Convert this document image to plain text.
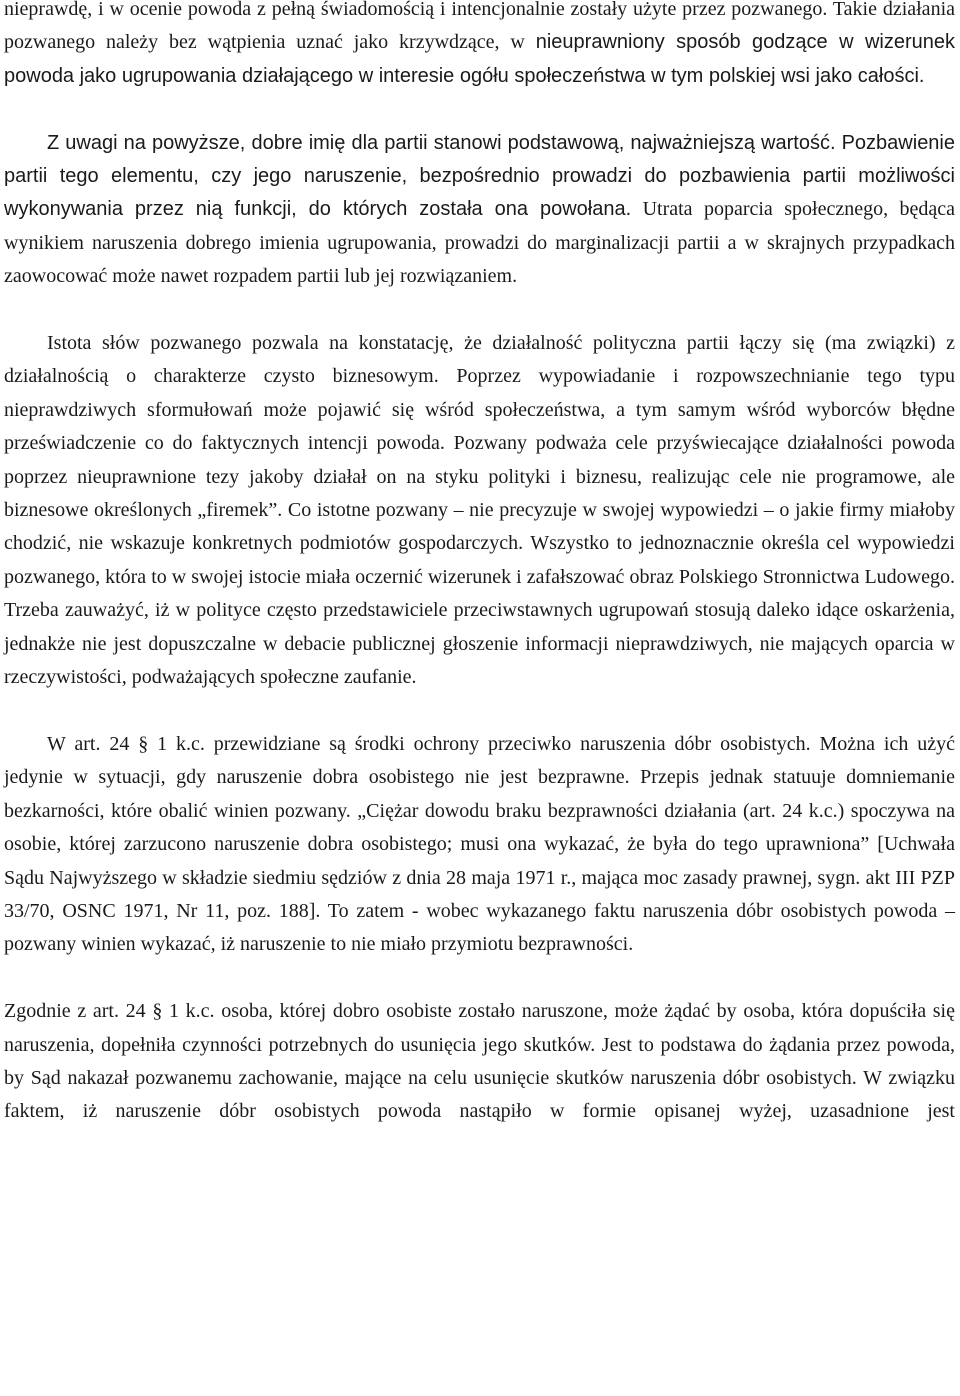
nieprawdę, i w ocenie powoda z pełną świadomością i intencjonalnie zostały użyte przez pozwanego. Takie działania pozwanego należy bez wątpienia uznać jako krzywdzące, w nieuprawniony sposób godzące w wizerunek powoda jako ugrupowania działającego w interesie ogółu społeczeństwa w tym polskiej wsi jako całości.

Z uwagi na powyższe, dobre imię dla partii stanowi podstawową, najważniejszą wartość. Pozbawienie partii tego elementu, czy jego naruszenie, bezpośrednio prowadzi do pozbawienia partii możliwości wykonywania przez nią funkcji, do których została ona powołana. Utrata poparcia społecznego, będąca wynikiem naruszenia dobrego imienia ugrupowania, prowadzi do marginalizacji partii a w skrajnych przypadkach zaowocować może nawet rozpadem partii lub jej rozwiązaniem.

Istota słów pozwanego pozwala na konstatację, że działalność polityczna partii łączy się (ma związki) z działalnością o charakterze czysto biznesowym. Poprzez wypowiadanie i rozpowszechnianie tego typu nieprawdziwych sformułowań może pojawić się wśród społeczeństwa, a tym samym wśród wyborców błędne przeświadczenie co do faktycznych intencji powoda. Pozwany podważa cele przyświecające działalności powoda poprzez nieuprawnione tezy jakoby działał on na styku polityki i biznesu, realizując cele nie programowe, ale biznesowe określonych „firemek”. Co istotne pozwany – nie precyzuje w swojej wypowiedzi – o jakie firmy miałoby chodzić, nie wskazuje konkretnych podmiotów gospodarczych. Wszystko to jednoznacznie określa cel wypowiedzi pozwanego, która to w swojej istocie miała oczernić wizerunek i zafałszować obraz Polskiego Stronnictwa Ludowego. Trzeba zauważyć, iż w polityce często przedstawiciele przeciwstawnych ugrupowań stosują daleko idące oskarżenia, jednakże nie jest dopuszczalne w debacie publicznej głoszenie informacji nieprawdziwych, nie mających oparcia w rzeczywistości, podważających społeczne zaufanie.

W art. 24 § 1 k.c. przewidziane są środki ochrony przeciwko naruszenia dóbr osobistych. Można ich użyć jedynie w sytuacji, gdy naruszenie dobra osobistego nie jest bezprawne. Przepis jednak statuuje domniemanie bezkarności, które obalić winien pozwany. „Ciężar dowodu braku bezprawności działania (art. 24 k.c.) spoczywa na osobie, której zarzucono naruszenie dobra osobistego; musi ona wykazać, że była do tego uprawniona” [Uchwała Sądu Najwyższego w składzie siedmiu sędziów z dnia 28 maja 1971 r., mająca moc zasady prawnej, sygn. akt III PZP 33/70, OSNC 1971, Nr 11, poz. 188]. To zatem - wobec wykazanego faktu naruszenia dóbr osobistych powoda – pozwany winien wykazać, iż naruszenie to nie miało przymiotu bezprawności.

Zgodnie z art. 24 § 1 k.c. osoba, której dobro osobiste zostało naruszone, może żądać by osoba, która dopuściła się naruszenia, dopełniła czynności potrzebnych do usunięcia jego skutków. Jest to podstawa do żądania przez powoda, by Sąd nakazał pozwanemu zachowanie, mające na celu usunięcie skutków naruszenia dóbr osobistych. W związku faktem, iż naruszenie dóbr osobistych powoda nastąpiło w formie opisanej wyżej, uzasadnione jest
